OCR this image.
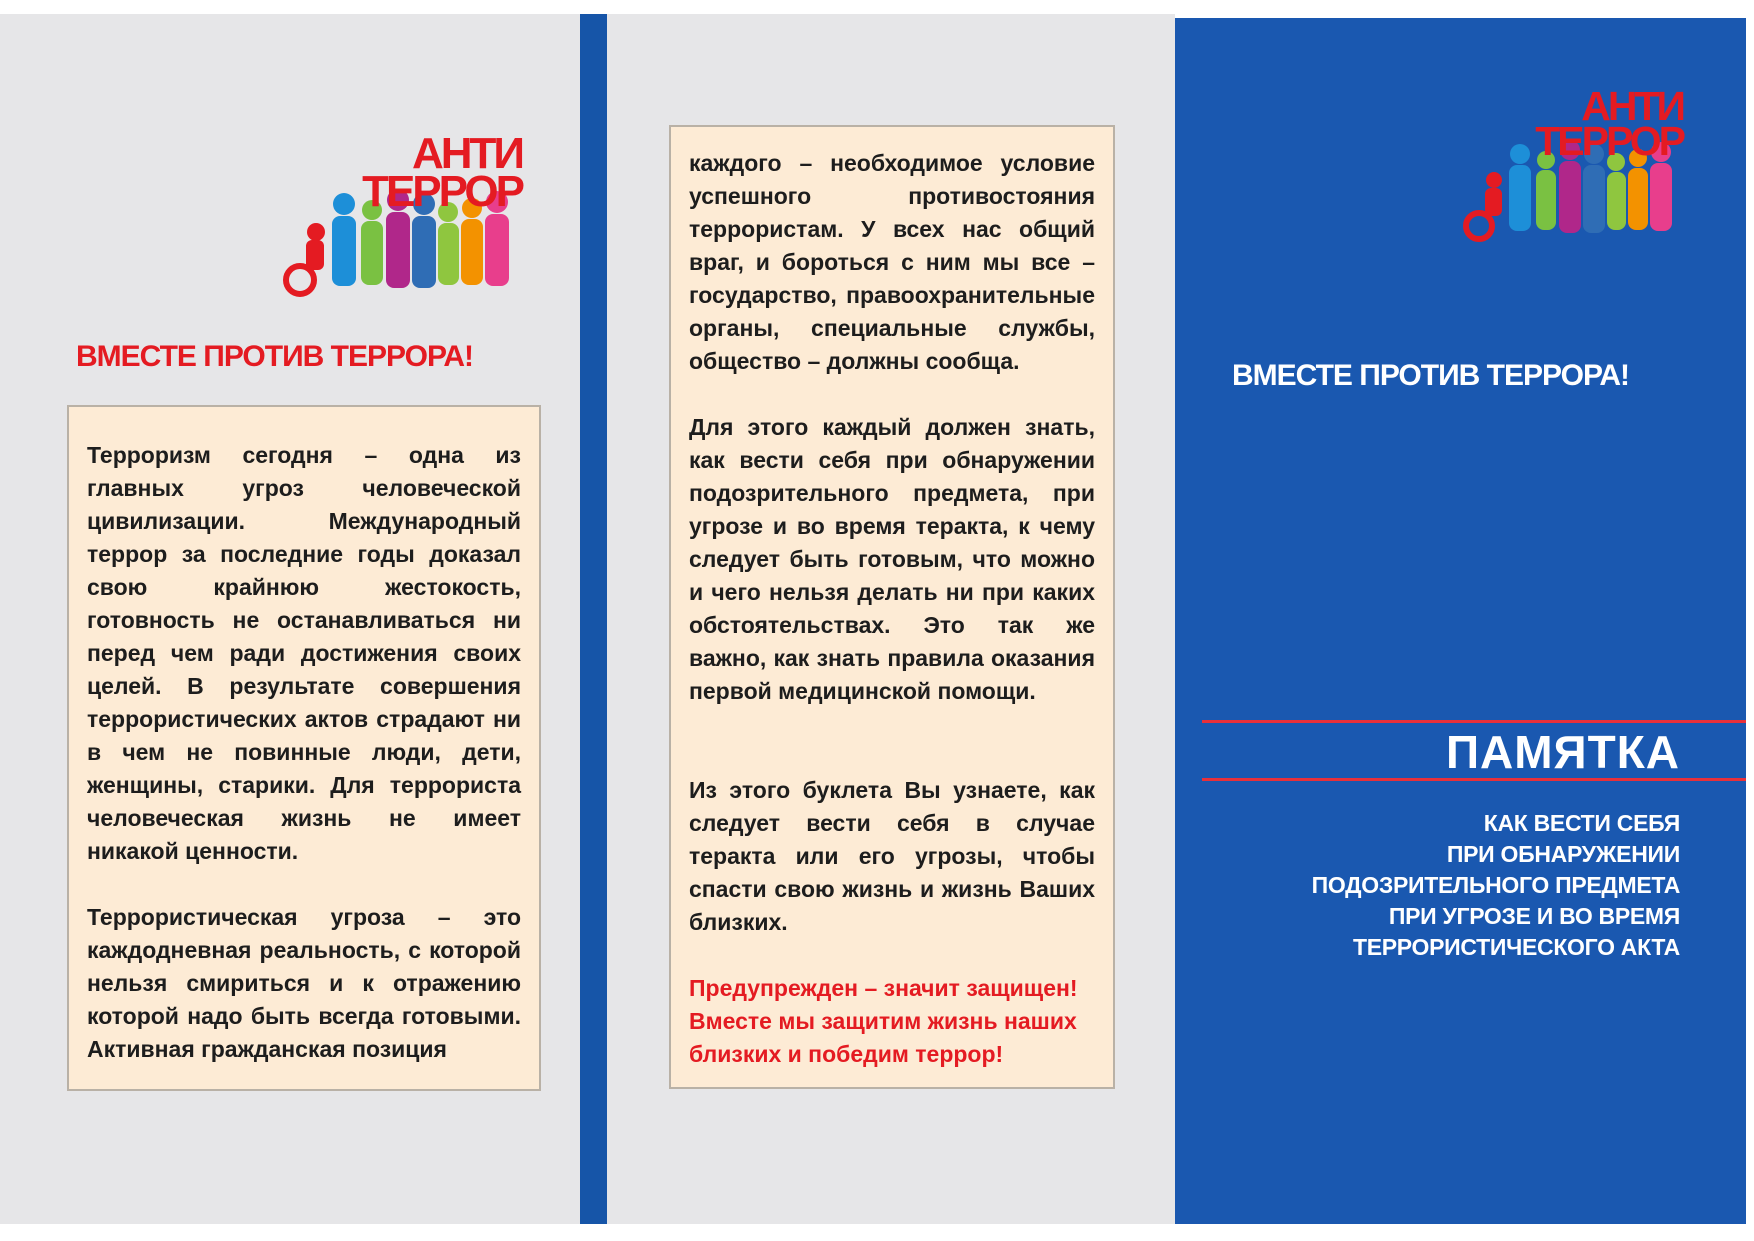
АНТИ
ТЕРРОР
ВМЕСТЕ ПРОТИВ ТЕРРОРА!

Терроризм сегодня – одна из главных угроз человеческой цивилизации. Международный террор за последние годы доказал свою крайнюю жестокость, готовность не останавливаться ни перед чем ради достижения своих целей. В результате совершения террористических актов страдают ни в чем не повинные люди, дети, женщины, старики. Для террориста человеческая жизнь не имеет никакой ценности.

Террористическая угроза – это каждодневная реальность, с которой нельзя смириться и к отражению которой надо быть всегда готовыми. Активная гражданская позиция

каждого – необходимое условие успешного противостояния террористам. У всех нас общий враг, и бороться с ним мы все – государство, правоохранительные органы, специальные службы, общество – должны сообща.

Для этого каждый должен знать, как вести себя при обнаружении подозрительного предмета, при угрозе и во время теракта, к чему следует быть готовым, что можно и чего нельзя делать ни при каких обстоятельствах. Это так же важно, как знать правила оказания первой медицинской помощи.

Из этого буклета Вы узнаете, как следует вести себя в случае теракта или его угрозы, чтобы спасти свою жизнь и жизнь Ваших близких.

Предупрежден – значит защищен! Вместе мы защитим жизнь наших близких и победим террор!

АНТИ
ТЕРРОР
ВМЕСТЕ ПРОТИВ ТЕРРОРА!
ПАМЯТКА
КАК ВЕСТИ СЕБЯ
ПРИ ОБНАРУЖЕНИИ
ПОДОЗРИТЕЛЬНОГО ПРЕДМЕТА
ПРИ УГРОЗЕ И ВО ВРЕМЯ
ТЕРРОРИСТИЧЕСКОГО АКТА
